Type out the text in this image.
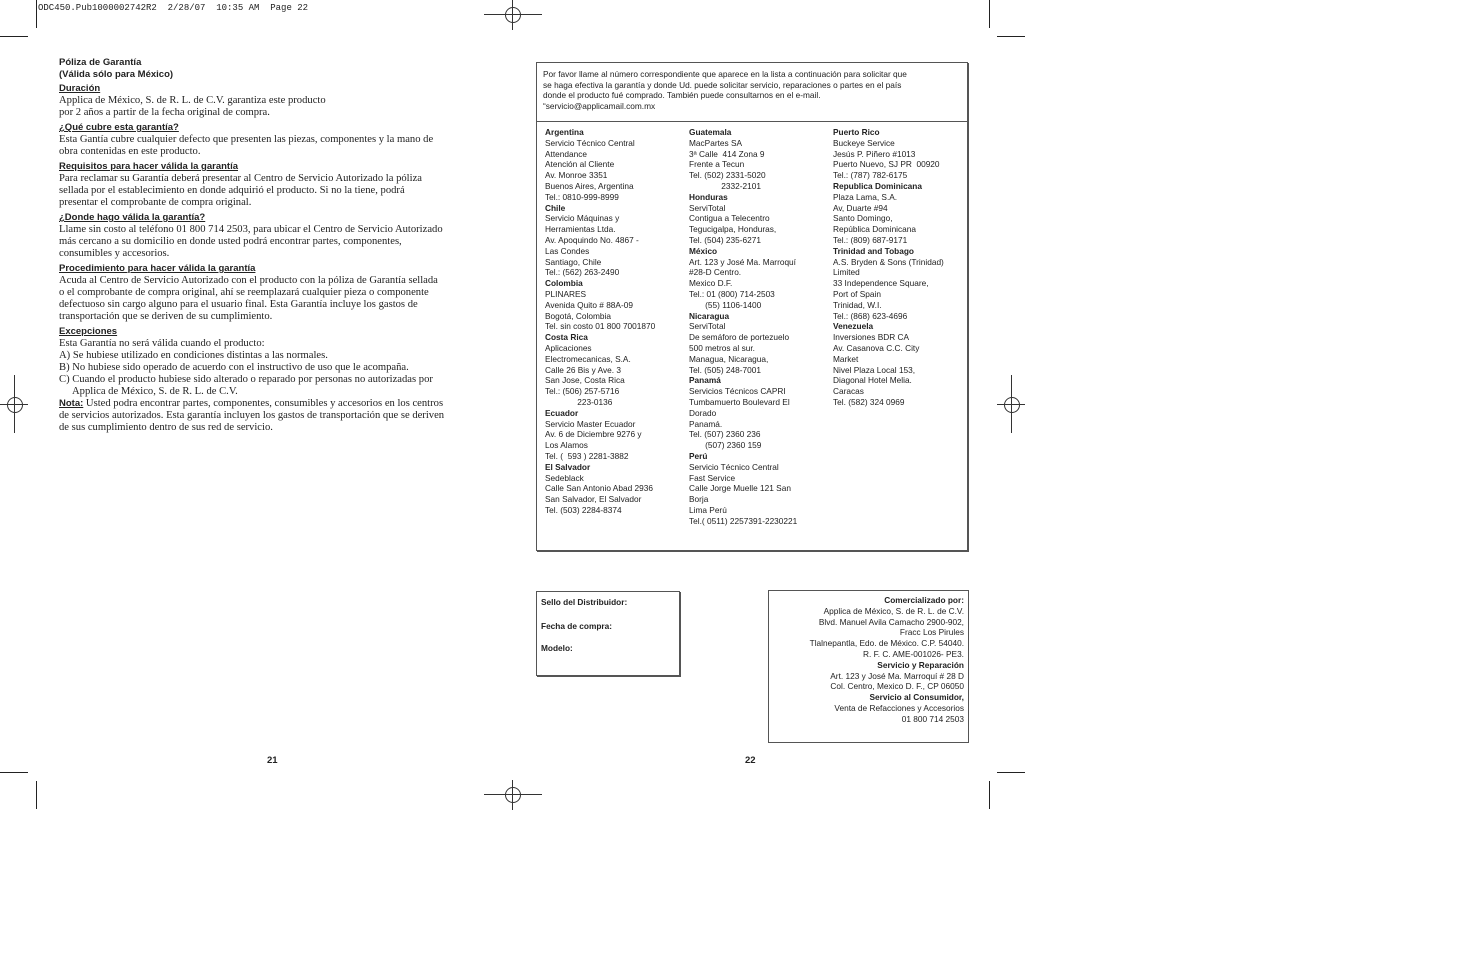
ODC450.Pub1000002742R2  2/28/07  10:35 AM  Page 22
Póliza de Garantía
(Válida sólo para México)
Duración

Applica de México, S. de R. L. de C.V. garantiza este producto

por 2 años a partir de la fecha original de compra.

¿Qué cubre esta garantía?

Esta Gantía cubre cualquier defecto que presenten las piezas, componentes y la mano de

obra contenidas en este producto.

Requisitos para hacer válida la garantía

Para reclamar su Garantía deberá presentar al Centro de Servicio Autorizado la póliza

sellada por el establecimiento en donde adquirió el producto. Si no la tiene, podrá

presentar el comprobante de compra original.

¿Donde hago válida la garantía?

Llame sin costo al teléfono 01 800 714 2503, para ubicar el Centro de Servicio Autorizado

más cercano a su domicilio en donde usted podrá encontrar partes, componentes,

consumibles y accesorios.

Procedimiento para hacer válida la garantía

Acuda al Centro de Servicio Autorizado con el producto con la póliza de Garantía sellada

o el comprobante de compra original, ahí se reemplazará cualquier pieza o componente

defectuoso sin cargo alguno para el usuario final. Esta Garantía incluye los gastos de

transportación que se deriven de su cumplimiento.

Excepciones

Esta Garantía no será válida cuando el producto:

A) Se hubiese utilizado en condiciones distintas a las normales.

B) No hubiese sido operado de acuerdo con el instructivo de uso que le acompaña.

C) Cuando el producto hubiese sido alterado o reparado por personas no autorizadas por

Applica de México, S. de R. L. de C.V.

Nota: Usted podra encontrar partes, componentes, consumibles y accesorios en los centros
de servicios autorizados. Esta garantía incluyen los gastos de transportación que se deriven
de sus cumplimiento dentro de sus red de servicio.

21
Por favor llame al número correspondiente que aparece en la lista a continuación para solicitar que
se haga efectiva la garantía y donde Ud. puede solicitar servicio, reparaciones o partes en el país
donde el producto fué comprado. También puede consultarnos en el e-mail.
“servicio@applicamail.com.mx
Argentina
Servicio Técnico Central
Attendance
Atención al Cliente
Av. Monroe 3351
Buenos Aires, Argentina
Tel.: 0810-999-8999
Chile
Servicio Máquinas y
Herramientas Ltda.
Av. Apoquindo No. 4867 -
Las Condes
Santiago, Chile
Tel.: (562) 263-2490
Colombia
PLINARES
Avenida Quito # 88A-09
Bogotá, Colombia
Tel. sin costo 01 800 7001870
Costa Rica
Aplicaciones
Electromecanicas, S.A.
Calle 26 Bis y Ave. 3
San Jose, Costa Rica
Tel.: (506) 257-5716
223-0136
Ecuador
Servicio Master Ecuador
Av. 6 de Diciembre 9276 y
Los Alamos
Tel. (  593 ) 2281-3882
El Salvador
Sedeblack
Calle San Antonio Abad 2936
San Salvador, El Salvador
Tel. (503) 2284-8374
Guatemala
MacPartes SA
3ª Calle  414 Zona 9
Frente a Tecun
Tel. (502) 2331-5020
2332-2101
Honduras
ServiTotal
Contigua a Telecentro
Tegucigalpa, Honduras,
Tel. (504) 235-6271
México
Art. 123 y José Ma. Marroquí
#28-D Centro.
Mexico D.F.
Tel.: 01 (800) 714-2503
(55) 1106-1400
Nicaragua
ServiTotal
De semáforo de portezuelo
500 metros al sur.
Managua, Nicaragua,
Tel. (505) 248-7001
Panamá
Servicios Técnicos CAPRI
Tumbamuerto Boulevard El
Dorado
Panamá.
Tel. (507) 2360 236
(507) 2360 159
Perú
Servicio Técnico Central
Fast Service
Calle Jorge Muelle 121 San
Borja
Lima Perú
Tel.( 0511) 2257391-2230221
Puerto Rico
Buckeye Service
Jesús P. Piñero #1013
Puerto Nuevo, SJ PR  00920
Tel.: (787) 782-6175
Republica Dominicana
Plaza Lama, S.A.
Av, Duarte #94
Santo Domingo,
República Dominicana
Tel.: (809) 687-9171
Trinidad and Tobago
A.S. Bryden & Sons (Trinidad)
Limited
33 Independence Square,
Port of Spain
Trinidad, W.I.
Tel.: (868) 623-4696
Venezuela
Inversiones BDR CA
Av. Casanova C.C. City
Market
Nivel Plaza Local 153,
Diagonal Hotel Melia.
Caracas
Tel. (582) 324 0969
Sello del Distribuidor:
Fecha de compra:
Modelo:
Comercializado por:
Applica de México, S. de R. L. de C.V.
Blvd. Manuel Avila Camacho 2900-902,
Fracc Los Pirules
Tlalnepantla, Edo. de México. C.P. 54040.
R. F. C. AME-001026- PE3.
Servicio y Reparación
Art. 123 y José Ma. Marroquí # 28 D
Col. Centro, Mexico D. F., CP 06050
Servicio al Consumidor,
Venta de Refacciones y Accesorios
01 800 714 2503
22
